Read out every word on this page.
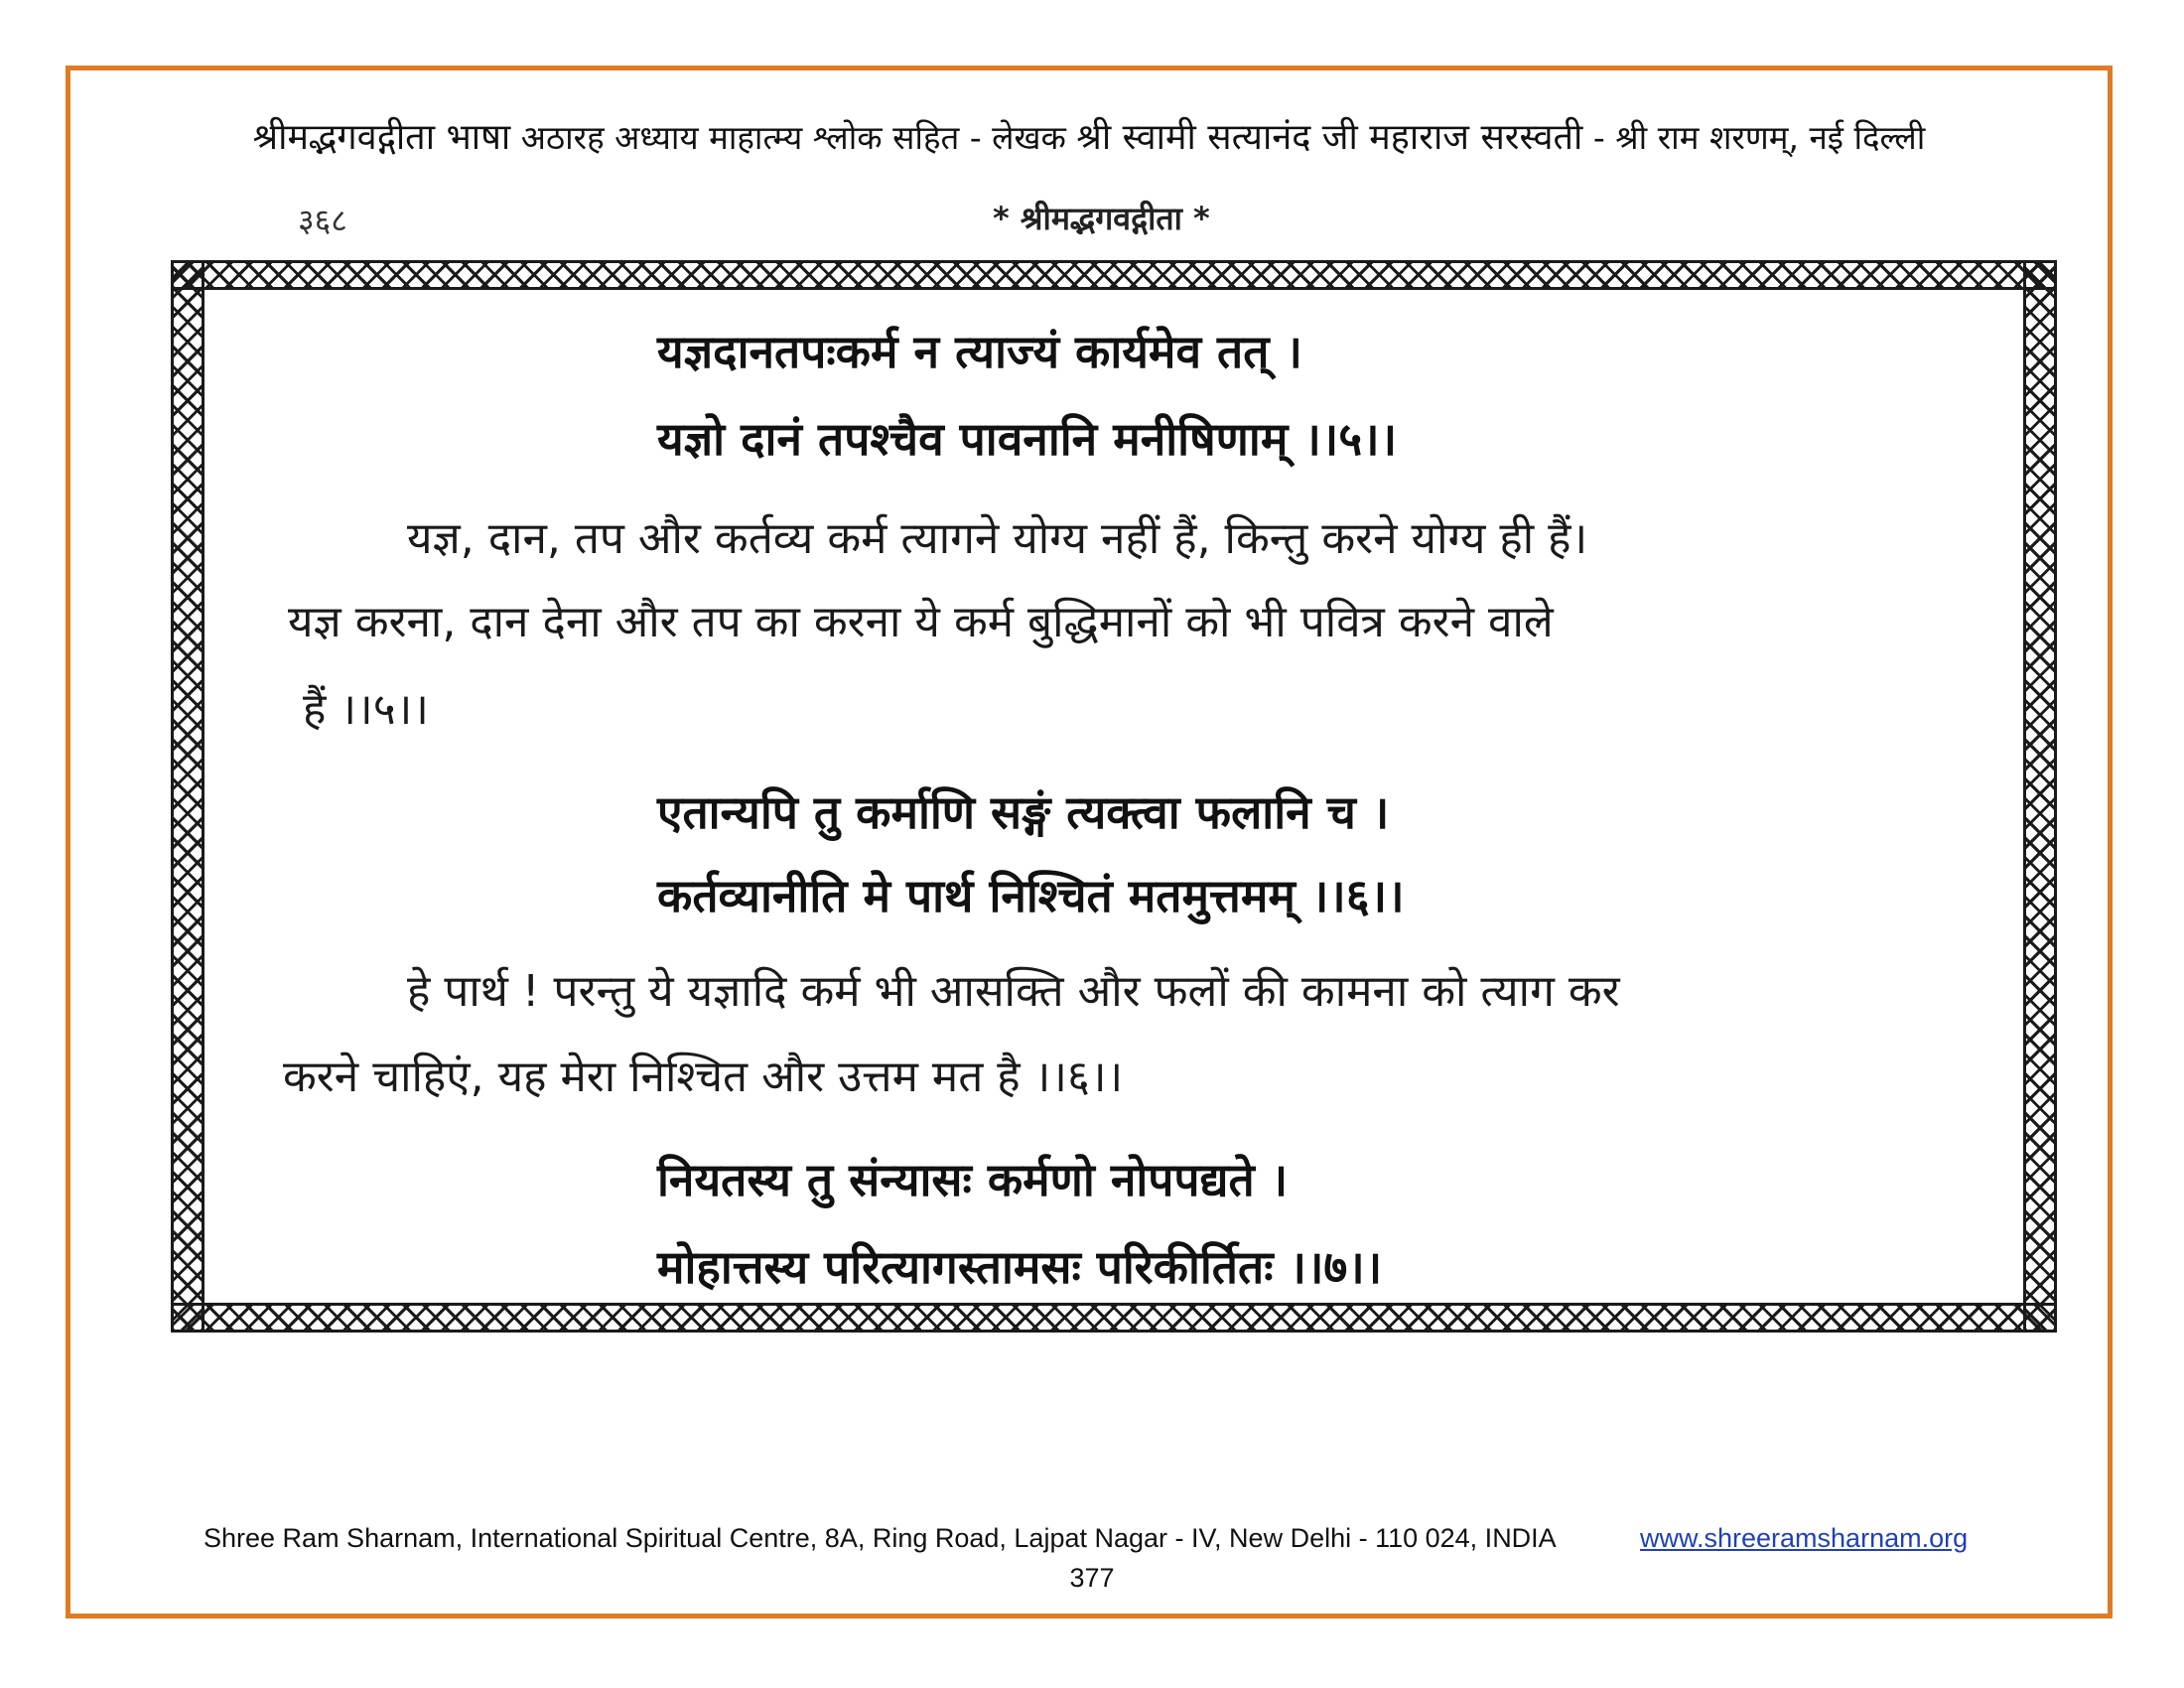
श्रीमद्भगवद्गीता भाषा अठारह अध्याय माहात्म्य श्लोक सहित - लेखक श्री स्वामी सत्यानंद जी महाराज सरस्वती - श्री राम शरणम्, नई दिल्ली
३६८	* श्रीमद्भगवद्गीता *
यज्ञदानतपःकर्म न त्याज्यं कार्यमेव तत् ।
यज्ञो दानं तपश्चैव पावनानि मनीषिणाम् ।।५।।
यज्ञ, दान, तप और कर्तव्य कर्म त्यागने योग्य नहीं हैं, किन्तु करने योग्य ही हैं।
यज्ञ करना, दान देना और तप का करना ये कर्म बुद्धिमानों को भी पवित्र करने वाले
हैं ।।५।।
एतान्यपि तु कर्माणि सङ्गं त्यक्त्वा फलानि च ।
कर्तव्यानीति मे पार्थ निश्चितं मतमुत्तमम् ।।६।।
हे पार्थ ! परन्तु ये यज्ञादि कर्म भी आसक्ति और फलों की कामना को त्याग कर
करने चाहिएं, यह मेरा निश्चित और उत्तम मत है ।।६।।
नियतस्य तु संन्यासः कर्मणो नोपपद्यते ।
मोहात्तस्य परित्यागस्तामसः परिकीर्तितः ।।७।।
Shree Ram Sharnam, International Spiritual Centre, 8A, Ring Road, Lajpat Nagar - IV, New Delhi - 110 024, INDIA	www.shreeramsharnam.org
377
